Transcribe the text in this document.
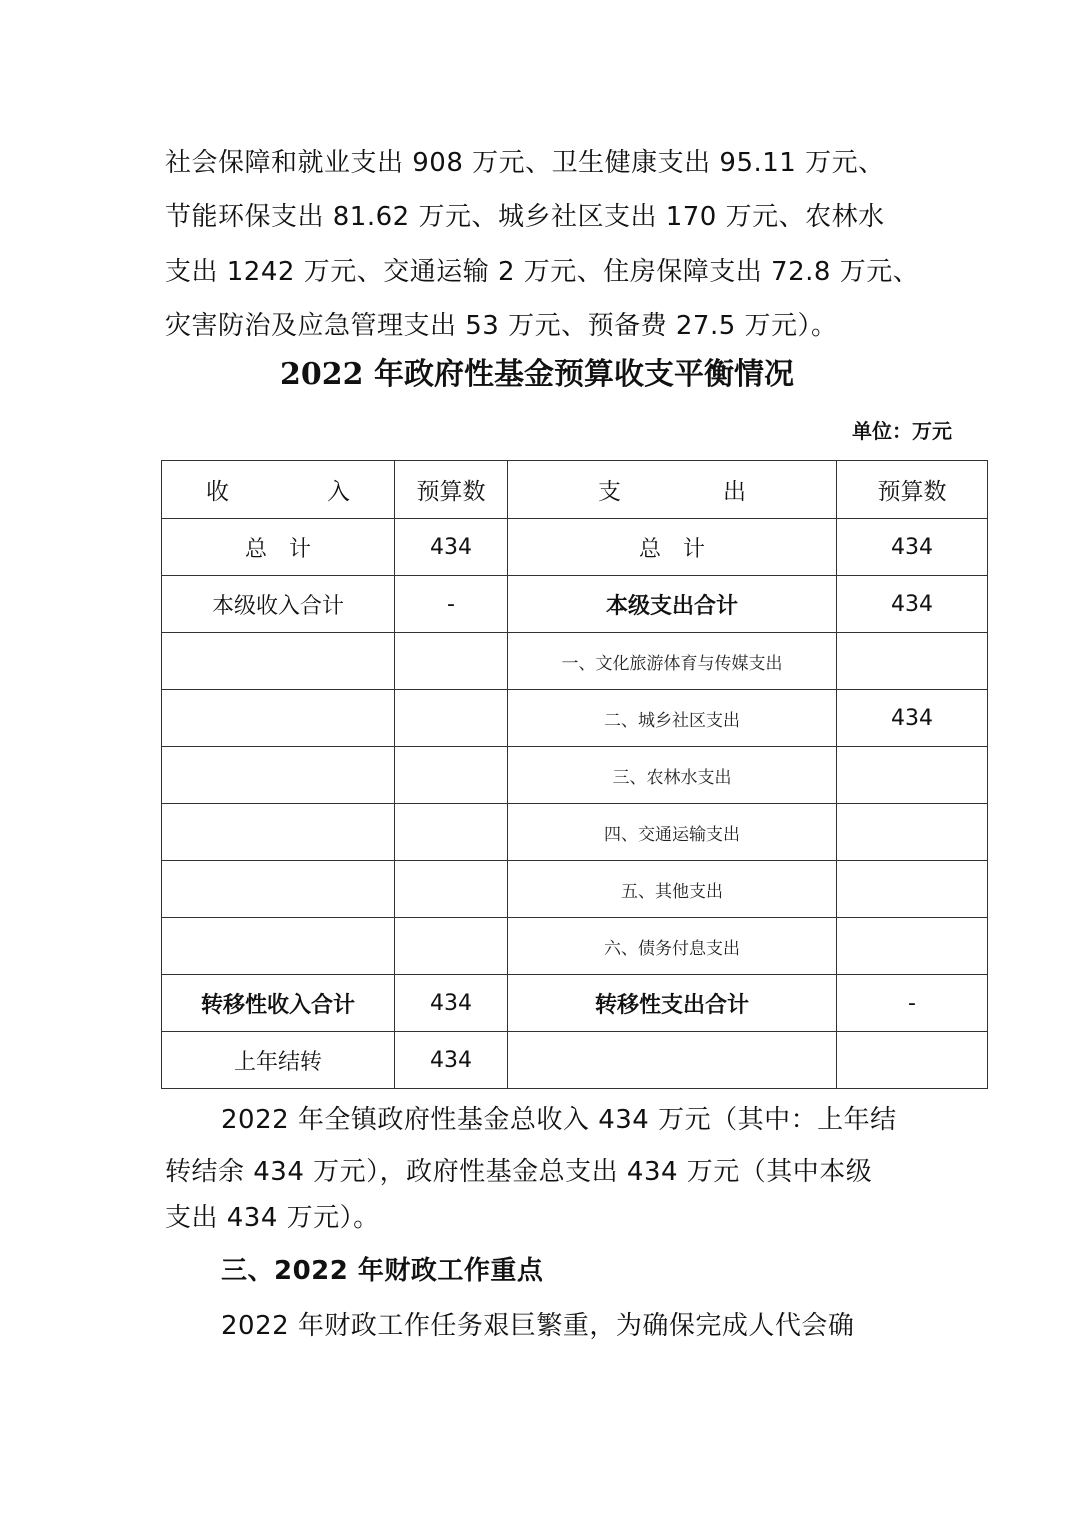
社会保障和就业支出 908 万元、卫生健康支出 95.11 万元、
节能环保支出 81.62 万元、城乡社区支出 170 万元、农林水
支出 1242 万元、交通运输 2 万元、住房保障支出 72.8 万元、
灾害防治及应急管理支出 53 万元、预备费 27.5 万元）。
2022 年政府性基金预算收支平衡情况
单位：万元
收 入	预算数	支 出	预算数
总　计	434	总　计	434
本级收入合计	-	本级支出合计	434
		一、文化旅游体育与传媒支出	
		二、城乡社区支出	434
		三、农林水支出	
		四、交通运输支出	
		五、其他支出	
		六、债务付息支出	
转移性收入合计	434	转移性支出合计	-
上年结转	434		
2022 年全镇政府性基金总收入 434 万元（其中：上年结
转结余 434 万元），政府性基金总支出 434 万元（其中本级
支出 434 万元）。
三、2022 年财政工作重点
2022 年财政工作任务艰巨繁重，为确保完成人代会确
